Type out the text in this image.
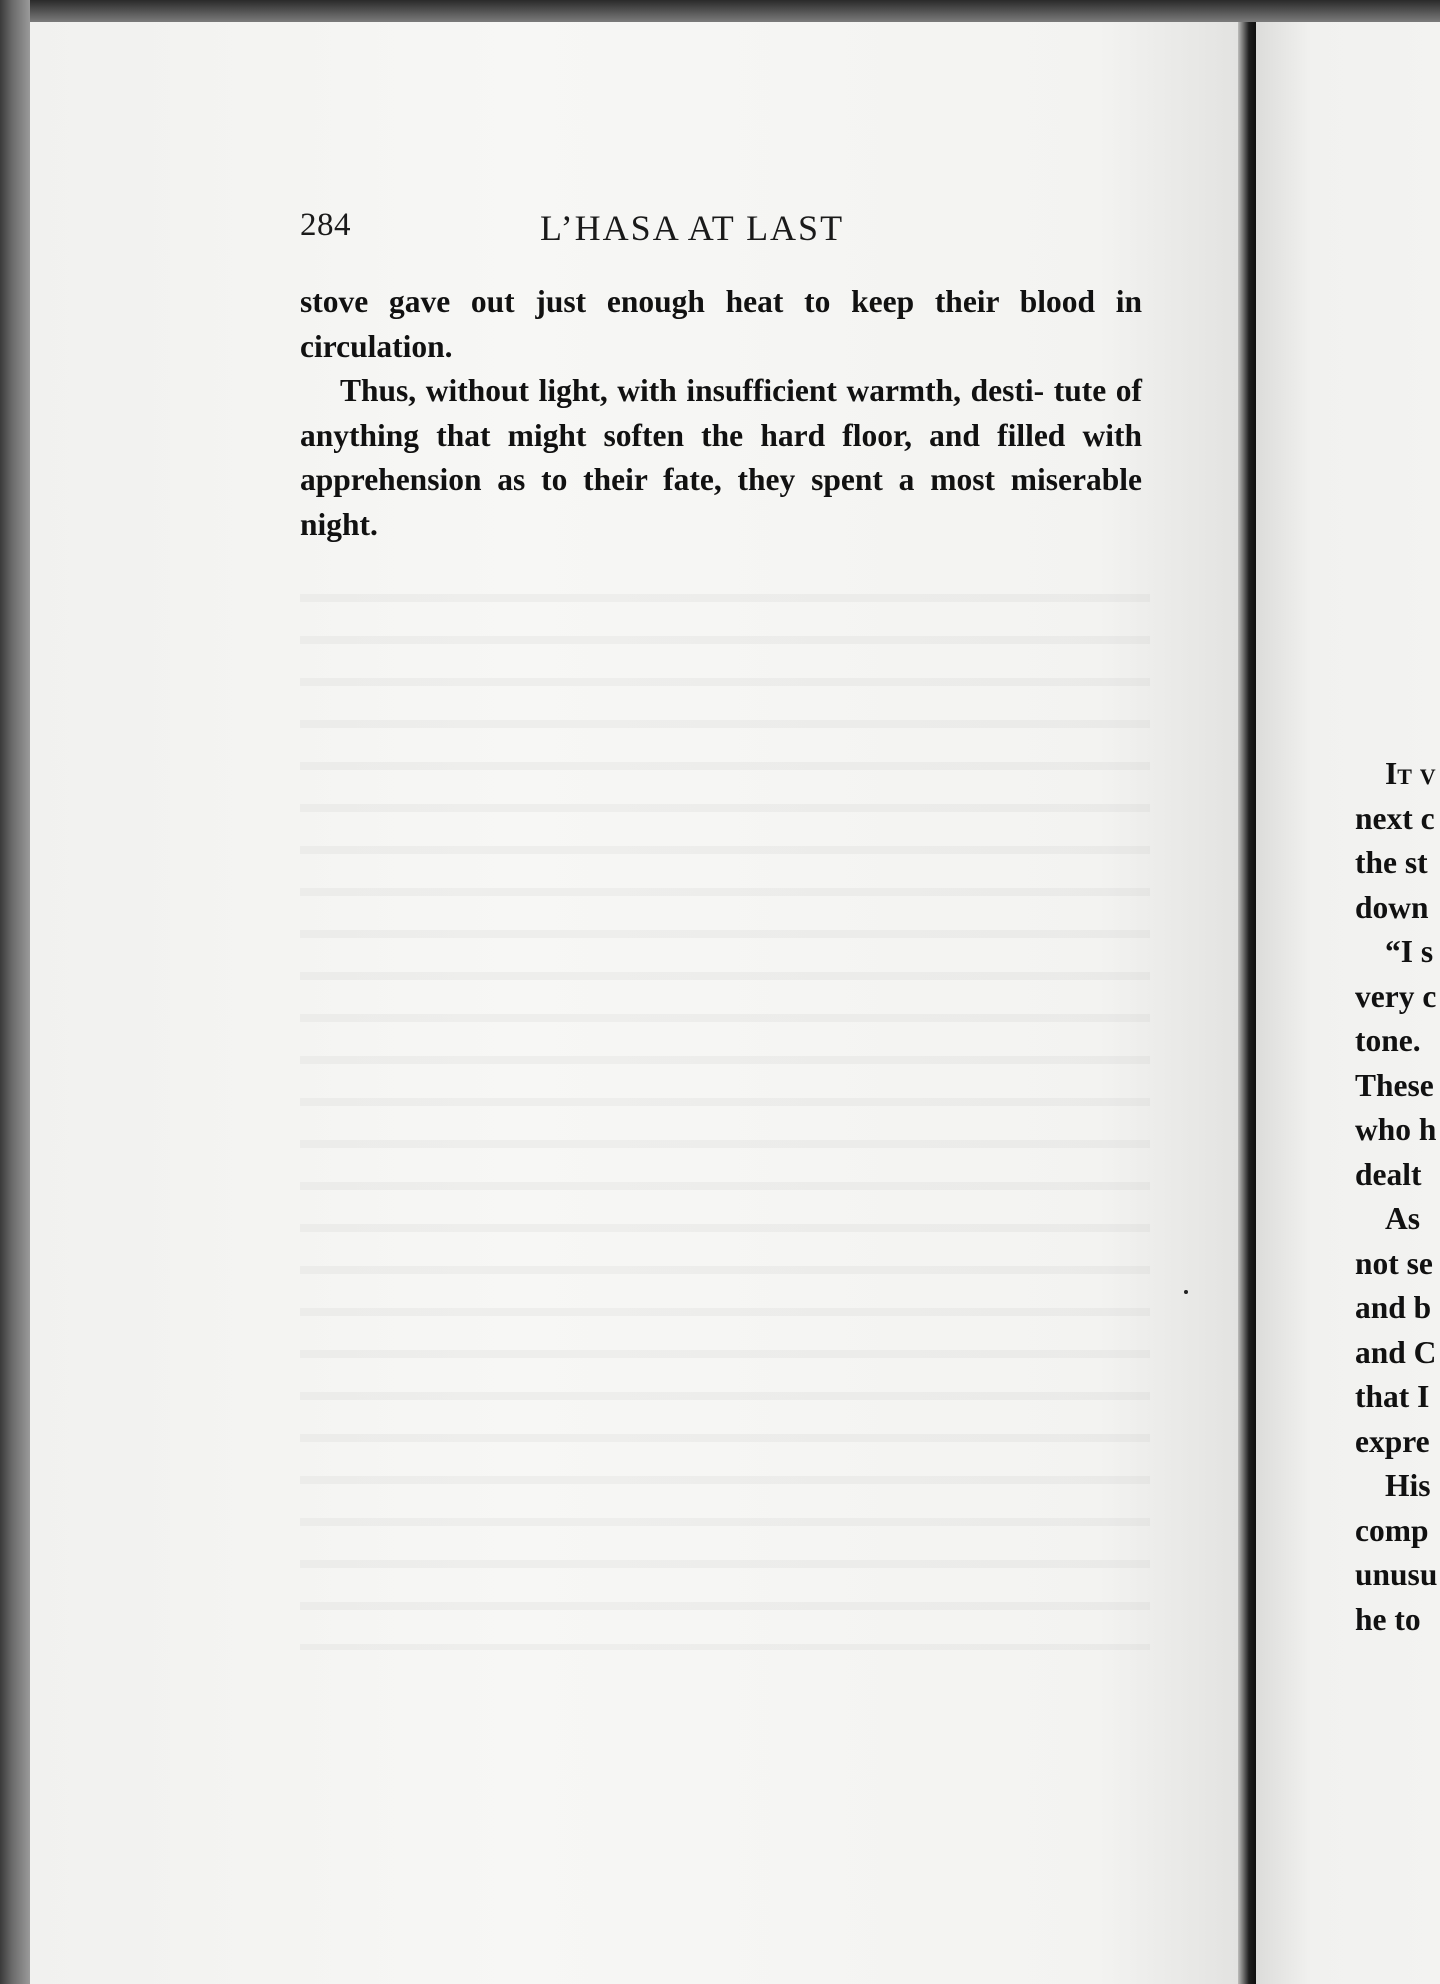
284	L’HASA AT LAST

stove gave out just enough heat to keep their blood in circulation.

Thus, without light, with insufficient warmth, desti- tute of anything that might soften the hard floor, and filled with apprehension as to their fate, they spent a most miserable night.

It v
next c
the st
down
“I s
very c
tone.
These
who h
dealt
As
not se
and b
and C
that I
expre
His
comp
unusu
he to
